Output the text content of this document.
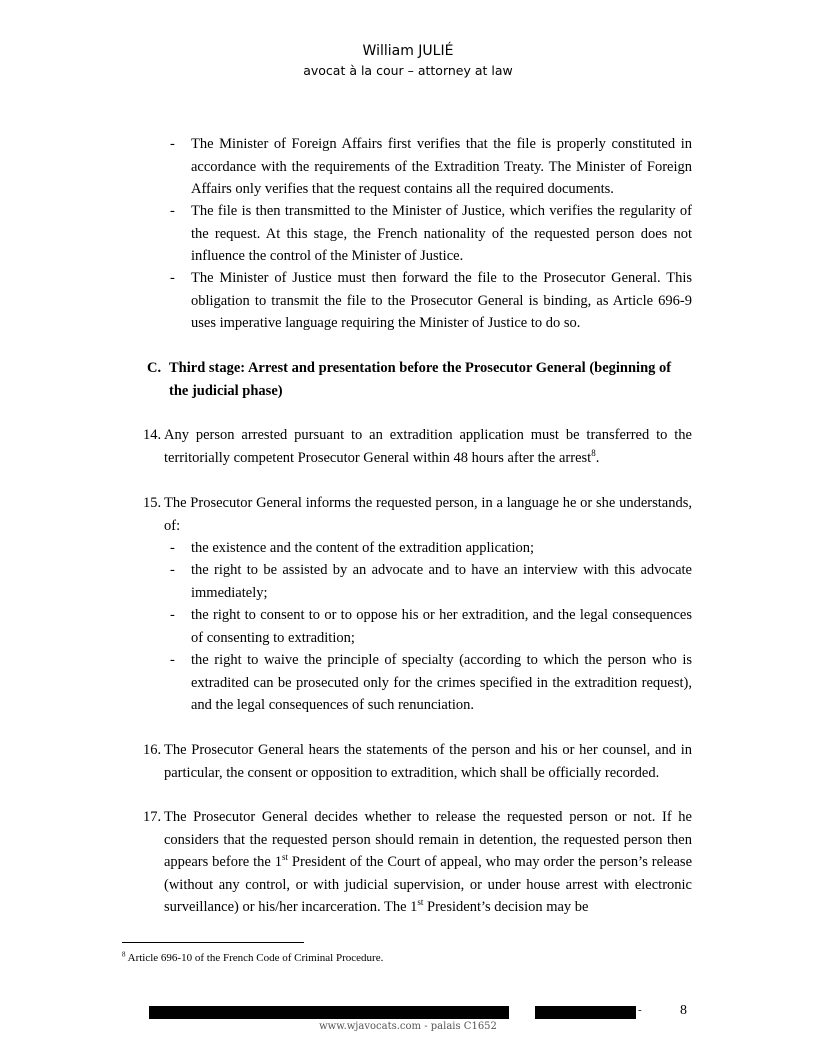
William JULIÉ
avocat à la cour – attorney at law
-	The Minister of Foreign Affairs first verifies that the file is properly constituted in accordance with the requirements of the Extradition Treaty. The Minister of Foreign Affairs only verifies that the request contains all the required documents.
-	The file is then transmitted to the Minister of Justice, which verifies the regularity of the request. At this stage, the French nationality of the requested person does not influence the control of the Minister of Justice.
-	The Minister of Justice must then forward the file to the Prosecutor General. This obligation to transmit the file to the Prosecutor General is binding, as Article 696-9 uses imperative language requiring the Minister of Justice to do so.
C. Third stage: Arrest and presentation before the Prosecutor General (beginning of the judicial phase)
14. Any person arrested pursuant to an extradition application must be transferred to the territorially competent Prosecutor General within 48 hours after the arrest$^8$.
15. The Prosecutor General informs the requested person, in a language he or she understands, of:
-	the existence and the content of the extradition application;
-	the right to be assisted by an advocate and to have an interview with this advocate immediately;
-	the right to consent to or to oppose his or her extradition, and the legal consequences of consenting to extradition;
-	the right to waive the principle of specialty (according to which the person who is extradited can be prosecuted only for the crimes specified in the extradition request), and the legal consequences of such renunciation.
16. The Prosecutor General hears the statements of the person and his or her counsel, and in particular, the consent or opposition to extradition, which shall be officially recorded.
17. The Prosecutor General decides whether to release the requested person or not. If he considers that the requested person should remain in detention, the requested person then appears before the 1st President of the Court of appeal, who may order the person’s release (without any control, or with judicial supervision, or under house arrest with electronic surveillance) or his/her incarceration. The 1st President’s decision may be
$^8$ Article 696-10 of the French Code of Criminal Procedure.
-	8
www.wjavocats.com - palais C1652
